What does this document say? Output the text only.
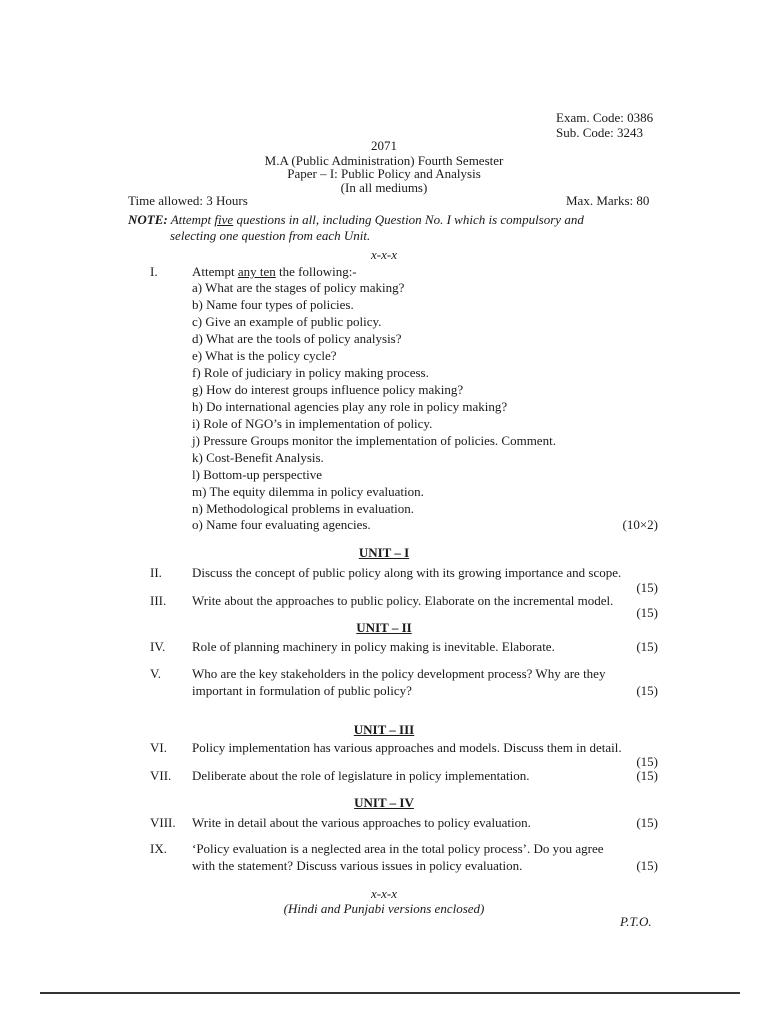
Exam. Code: 0386
Sub. Code: 3243
2071
M.A (Public Administration) Fourth Semester
Paper – I: Public Policy and Analysis
(In all mediums)
Time allowed: 3 Hours	Max. Marks: 80
NOTE: Attempt five questions in all, including Question No. I which is compulsory and
selecting one question from each Unit.
x-x-x
I.	Attempt any ten the following:-
a) What are the stages of policy making?
b) Name four types of policies.
c) Give an example of public policy.
d) What are the tools of policy analysis?
e) What is the policy cycle?
f) Role of judiciary in policy making process.
g) How do interest groups influence policy making?
h) Do international agencies play any role in policy making?
i) Role of NGO’s in implementation of policy.
j) Pressure Groups monitor the implementation of policies. Comment.
k) Cost-Benefit Analysis.
l) Bottom-up perspective
m) The equity dilemma in policy evaluation.
n) Methodological problems in evaluation.
o) Name four evaluating agencies.	(10×2)
UNIT – I
II. Discuss the concept of public policy along with its growing importance and scope.
(15)
III. Write about the approaches to public policy. Elaborate on the incremental model.
(15)
UNIT – II
IV. Role of planning machinery in policy making is inevitable. Elaborate.	(15)
V. Who are the key stakeholders in the policy development process? Why are they
important in formulation of public policy?	(15)
UNIT – III
VI. Policy implementation has various approaches and models. Discuss them in detail.
(15)
VII. Deliberate about the role of legislature in policy implementation.	(15)
UNIT – IV
VIII. Write in detail about the various approaches to policy evaluation.	(15)
IX. ‘Policy evaluation is a neglected area in the total policy process’. Do you agree
with the statement? Discuss various issues in policy evaluation.	(15)
x-x-x
(Hindi and Punjabi versions enclosed)
P.T.O.
